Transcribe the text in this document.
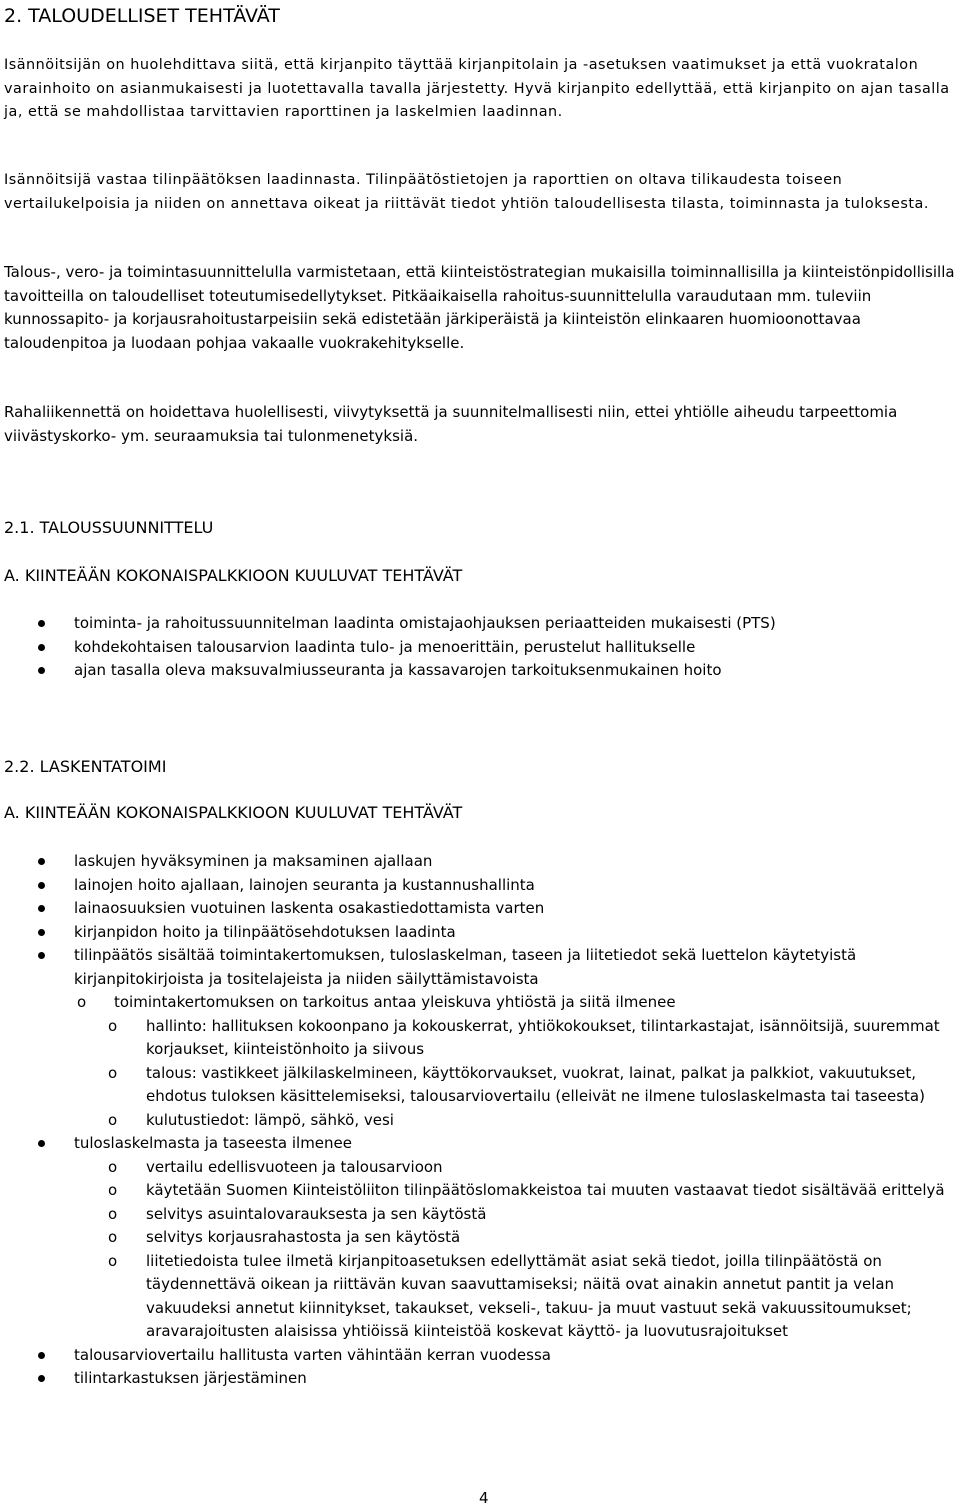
2. TALOUDELLISET TEHTÄVÄT
Isännöitsijän on huolehdittava siitä, että kirjanpito täyttää kirjanpitolain ja -asetuksen vaatimukset ja että vuokratalon varainhoito on asianmukaisesti ja luotettavalla tavalla järjestetty. Hyvä kirjanpito edellyttää, että kirjanpito on ajan tasalla ja, että se mahdollistaa tarvittavien raporttinen ja laskelmien laadinnan.
Isännöitsijä vastaa tilinpäätöksen laadinnasta. Tilinpäätöstietojen ja raporttien on oltava tilikaudesta toiseen vertailukelpoisia ja niiden on annettava oikeat ja riittävät tiedot yhtiön taloudellisesta tilasta, toiminnasta ja tuloksesta.
Talous-, vero- ja toimintasuunnittelulla varmistetaan, että kiinteistöstrategian mukaisilla toiminnallisilla ja kiinteistönpidollisilla tavoitteilla on taloudelliset toteutumisedellytykset. Pitkäaikaisella rahoitus-suunnittelulla varaudutaan mm. tuleviin kunnossapito- ja korjausrahoitustarpeisiin sekä edistetään järkiperäistä ja kiinteistön elinkaaren huomioonottavaa taloudenpitoa ja luodaan pohjaa vakaalle vuokrakehitykselle.
Rahaliikennettä on hoidettava huolellisesti, viivytyksettä ja suunnitelmallisesti niin, ettei yhtiölle aiheudu tarpeettomia viivästyskorko- ym. seuraamuksia tai tulonmenetyksiä.
2.1. TALOUSSUUNNITTELU
A. KIINTEÄÄN KOKONAISPALKKIOON KUULUVAT TEHTÄVÄT
toiminta- ja rahoitussuunnitelman laadinta omistajaohjauksen periaatteiden mukaisesti (PTS)
kohdekohtaisen talousarvion laadinta tulo- ja menoerittäin, perustelut hallitukselle
ajan tasalla oleva maksuvalmiusseuranta ja kassavarojen tarkoituksenmukainen hoito
2.2. LASKENTATOIMI
A. KIINTEÄÄN KOKONAISPALKKIOON KUULUVAT TEHTÄVÄT
laskujen hyväksyminen ja maksaminen ajallaan
lainojen hoito ajallaan, lainojen seuranta ja kustannushallinta
lainaosuuksien vuotuinen laskenta osakastiedottamista varten
kirjanpidon hoito ja tilinpäätösehdotuksen laadinta
tilinpäätös sisältää toimintakertomuksen, tuloslaskelman, taseen ja liitetiedot sekä luettelon käytetyistä kirjanpitokirjoista ja tositelajeista ja niiden säilyttämistavoista
o toimintakertomuksen on tarkoitus antaa yleiskuva yhtiöstä ja siitä ilmenee
o hallinto: hallituksen kokoonpano ja kokouskerrat, yhtiökokoukset, tilintarkastajat, isännöitsijä, suuremmat korjaukset, kiinteistönhoito ja siivous
o talous: vastikkeet jälkilaskelmineen, käyttökorvaukset, vuokrat, lainat, palkat ja palkkiot, vakuutukset, ehdotus tuloksen käsittelemiseksi, talousarviovertailu (elleivät ne ilmene tuloslaskelmasta tai taseesta)
o kulutustiedot: lämpö, sähkö, vesi
tuloslaskelmasta ja taseesta ilmenee
o vertailu edellisvuoteen ja talousarvioon
o käytetään Suomen Kiinteistöliiton tilinpäätöslomakkeistoa tai muuten vastaavat tiedot sisältävää erittelyä
o selvitys asuintalovarauksesta ja sen käytöstä
o selvitys korjausrahastosta ja sen käytöstä
o liitetiedoista tulee ilmetä kirjanpitoasetuksen edellyttämät asiat sekä tiedot, joilla tilinpäätöstä on täydennettävä oikean ja riittävän kuvan saavuttamiseksi; näitä ovat ainakin annetut pantit ja velan vakuudeksi annetut kiinnitykset, takaukset, vekseli-, takuu- ja muut vastuut sekä vakuussitoumukset; aravarajoitusten alaisissa yhtiöissä kiinteistöä koskevat käyttö- ja luovutusrajoitukset
talousarviovertailu hallitusta varten vähintään kerran vuodessa
tilintarkastuksen järjestäminen
4
